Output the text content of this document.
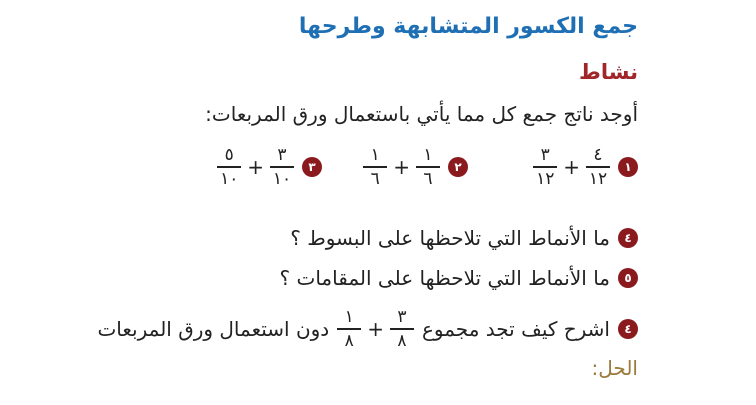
جمع الكسور المتشابهة وطرحها
نشاط
أوجد ناتج جمع كل مما يأتي باستعمال ورق المربعات:
١
$\frac{٤}{١٢}$
+
$\frac{٣}{١٢}$
٢
$\frac{١}{٦}$
+
$\frac{١}{٦}$
٣
$\frac{٣}{١٠}$
+
$\frac{٥}{١٠}$
٤
ما الأنماط التي تلاحظها على البسوط ؟
٥
ما الأنماط التي تلاحظها على المقامات ؟
٤
اشرح كيف تجد مجموع
$\frac{٣}{٨}$
+
$\frac{١}{٨}$
دون استعمال ورق المربعات
الحل:
